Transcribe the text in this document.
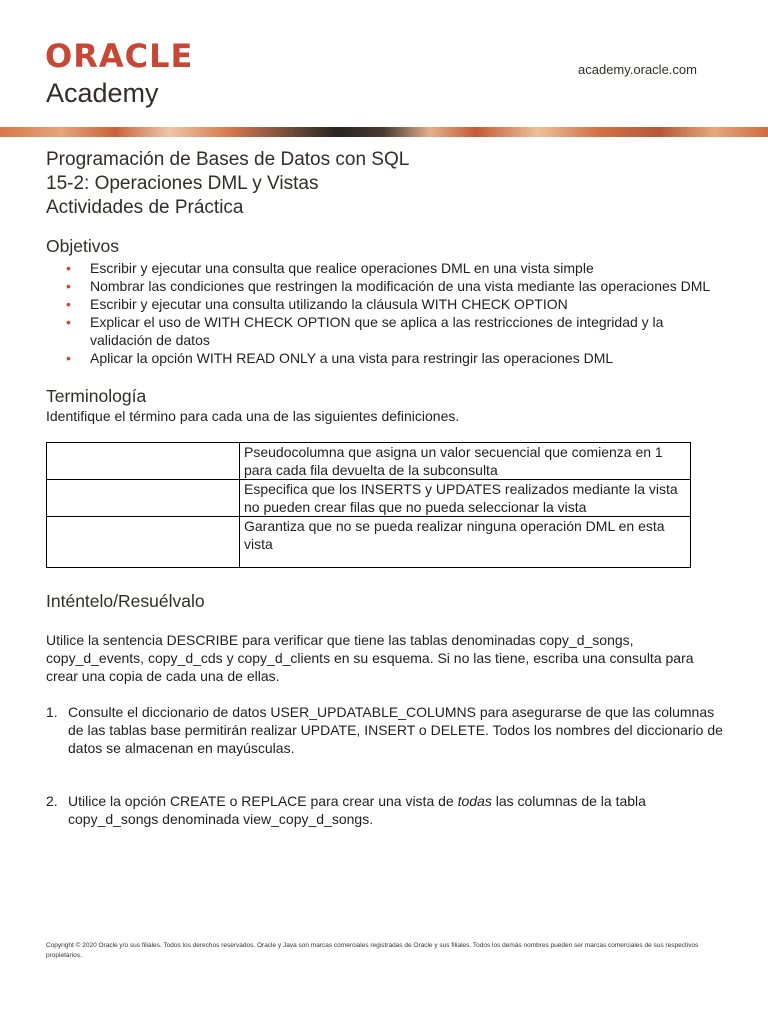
ORACLE
Academy
academy.oracle.com
Programación de Bases de Datos con SQL
15-2: Operaciones DML y Vistas
Actividades de Práctica
Objetivos
• Escribir y ejecutar una consulta que realice operaciones DML en una vista simple
• Nombrar las condiciones que restringen la modificación de una vista mediante las operaciones DML
• Escribir y ejecutar una consulta utilizando la cláusula WITH CHECK OPTION
• Explicar el uso de WITH CHECK OPTION que se aplica a las restricciones de integridad y la validación de datos
• Aplicar la opción WITH READ ONLY a una vista para restringir las operaciones DML
Terminología
Identifique el término para cada una de las siguientes definiciones.
	Pseudocolumna que asigna un valor secuencial que comienza en 1 para cada fila devuelta de la subconsulta
	Especifica que los INSERTS y UPDATES realizados mediante la vista no pueden crear filas que no pueda seleccionar la vista
	Garantiza que no se pueda realizar ninguna operación DML en esta vista
Inténtelo/Resuélvalo
Utilice la sentencia DESCRIBE para verificar que tiene las tablas denominadas copy_d_songs, copy_d_events, copy_d_cds y copy_d_clients en su esquema. Si no las tiene, escriba una consulta para crear una copia de cada una de ellas.
1. Consulte el diccionario de datos USER_UPDATABLE_COLUMNS para asegurarse de que las columnas de las tablas base permitirán realizar UPDATE, INSERT o DELETE. Todos los nombres del diccionario de datos se almacenan en mayúsculas.
2. Utilice la opción CREATE o REPLACE para crear una vista de todas las columnas de la tabla copy_d_songs denominada view_copy_d_songs.
Copyright © 2020 Oracle y/o sus filiales. Todos los derechos reservados. Oracle y Java son marcas comerciales registradas de Oracle y sus filiales. Todos los demás nombres pueden ser marcas comerciales de sus respectivos propietarios.
